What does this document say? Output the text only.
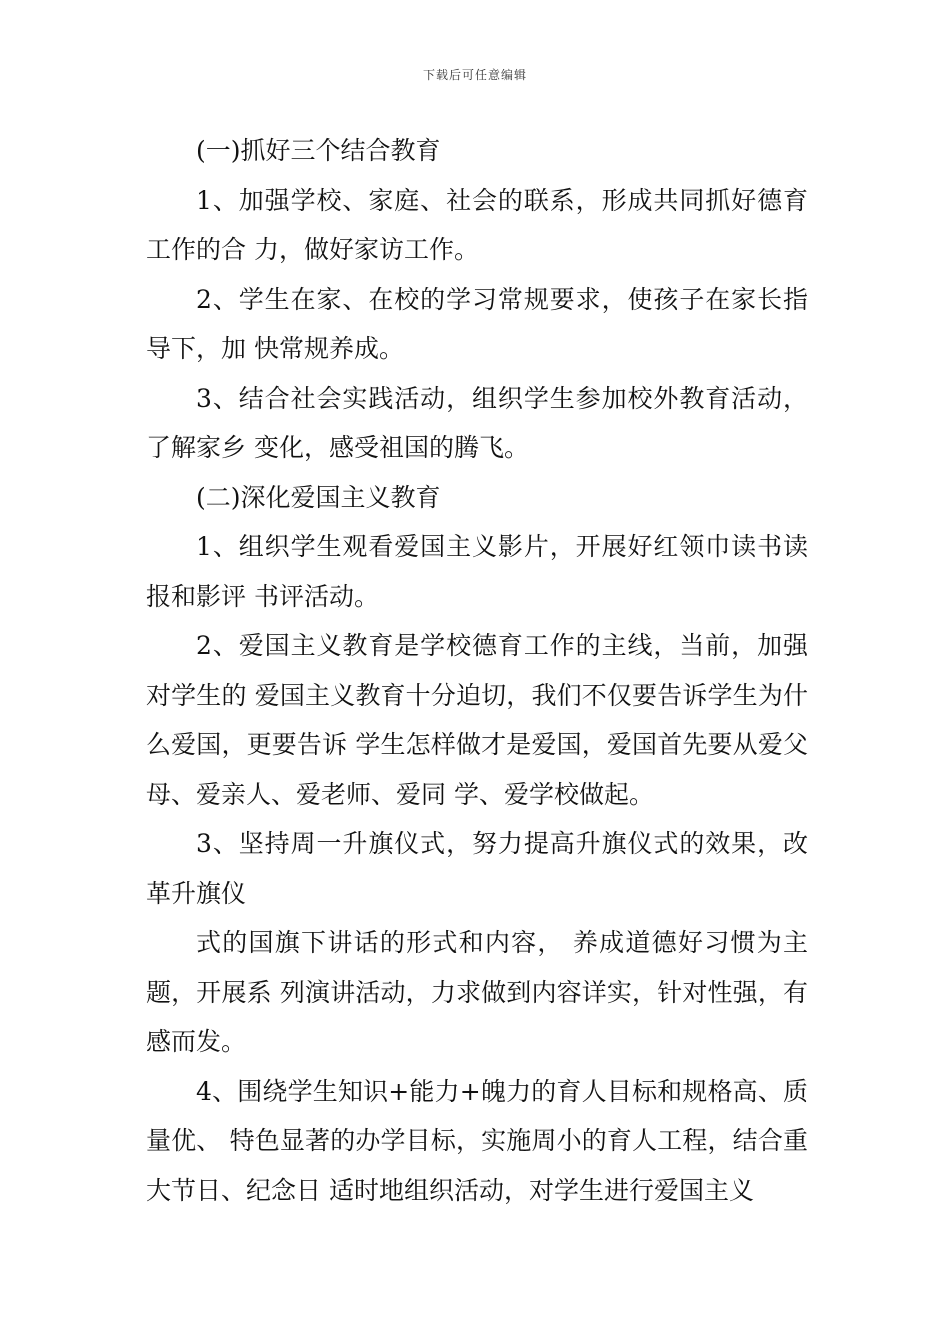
下载后可任意编辑

(一)抓好三个结合教育

1、加强学校、家庭、社会的联系，形成共同抓好德育工作的合 力，做好家访工作。

2、学生在家、在校的学习常规要求，使孩子在家长指导下，加 快常规养成。

3、结合社会实践活动，组织学生参加校外教育活动，了解家乡 变化，感受祖国的腾飞。

(二)深化爱国主义教育

1、组织学生观看爱国主义影片，开展好红领巾读书读报和影评 书评活动。

2、爱国主义教育是学校德育工作的主线，当前，加强对学生的 爱国主义教育十分迫切，我们不仅要告诉学生为什么爱国，更要告诉 学生怎样做才是爱国，爱国首先要从爱父母、爱亲人、爱老师、爱同 学、爱学校做起。

3、坚持周一升旗仪式，努力提高升旗仪式的效果，改革升旗仪

式的国旗下讲话的形式和内容， 养成道德好习惯为主题，开展系 列演讲活动，力求做到内容详实，针对性强，有感而发。

4、围绕学生知识+能力+魄力的育人目标和规格高、质量优、 特色显著的办学目标，实施周小的育人工程，结合重大节日、纪念日 适时地组织活动，对学生进行爱国主义
